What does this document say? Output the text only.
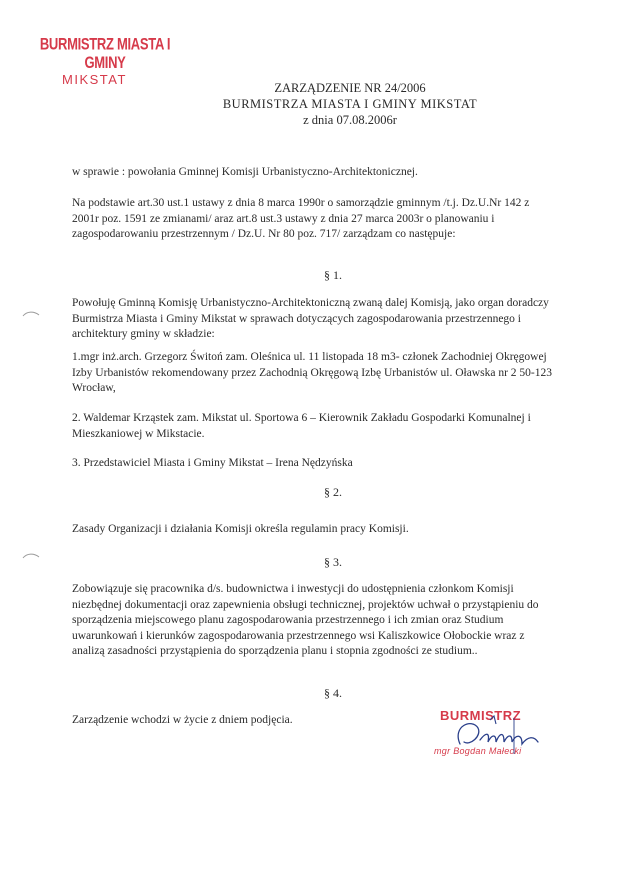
BURMISTRZ MIASTA I GMINY
MIKSTAT
ZARZĄDZENIE NR 24/2006
BURMISTRZA MIASTA I GMINY MIKSTAT
z dnia 07.08.2006r
w sprawie : powołania Gminnej Komisji Urbanistyczno-Architektonicznej.
Na podstawie art.30 ust.1 ustawy z dnia 8 marca 1990r o samorządzie gminnym /t.j. Dz.U.Nr 142 z 2001r poz. 1591 ze zmianami/ araz art.8 ust.3 ustawy z dnia 27 marca 2003r o planowaniu i zagospodarowaniu przestrzennym / Dz.U. Nr 80 poz. 717/ zarządzam co następuje:
§ 1.
Powołuję Gminną Komisję Urbanistyczno-Architektoniczną zwaną dalej Komisją, jako organ doradczy Burmistrza Miasta i Gminy Mikstat w sprawach dotyczących zagospodarowania przestrzennego i architektury gminy w składzie:
1.mgr inż.arch. Grzegorz Świtoń zam. Oleśnica ul. 11 listopada 18 m3- członek Zachodniej Okręgowej Izby Urbanistów rekomendowany przez Zachodnią Okręgową Izbę Urbanistów ul. Oławska nr 2 50-123 Wrocław,
2. Waldemar Krząstek zam. Mikstat ul. Sportowa 6 – Kierownik Zakładu Gospodarki Komunalnej i Mieszkaniowej w Mikstacie.
3. Przedstawiciel Miasta i Gminy Mikstat – Irena Nędzyńska
§ 2.
Zasady Organizacji i działania Komisji określa regulamin pracy Komisji.
§ 3.
Zobowiązuje się pracownika d/s. budownictwa i inwestycji do udostępnienia członkom Komisji niezbędnej dokumentacji oraz zapewnienia obsługi technicznej, projektów uchwał o przystąpieniu do sporządzenia miejscowego planu zagospodarowania przestrzennego i ich zmian oraz Studium uwarunkowań i kierunków zagospodarowania przestrzennego wsi Kaliszkowice Ołobockie wraz z analizą zasadności przystąpienia do sporządzenia planu i stopnia zgodności ze studium..
§ 4.
Zarządzenie wchodzi w życie z dniem podjęcia.	BURMISTRZ
mgr Bogdan Małecki
